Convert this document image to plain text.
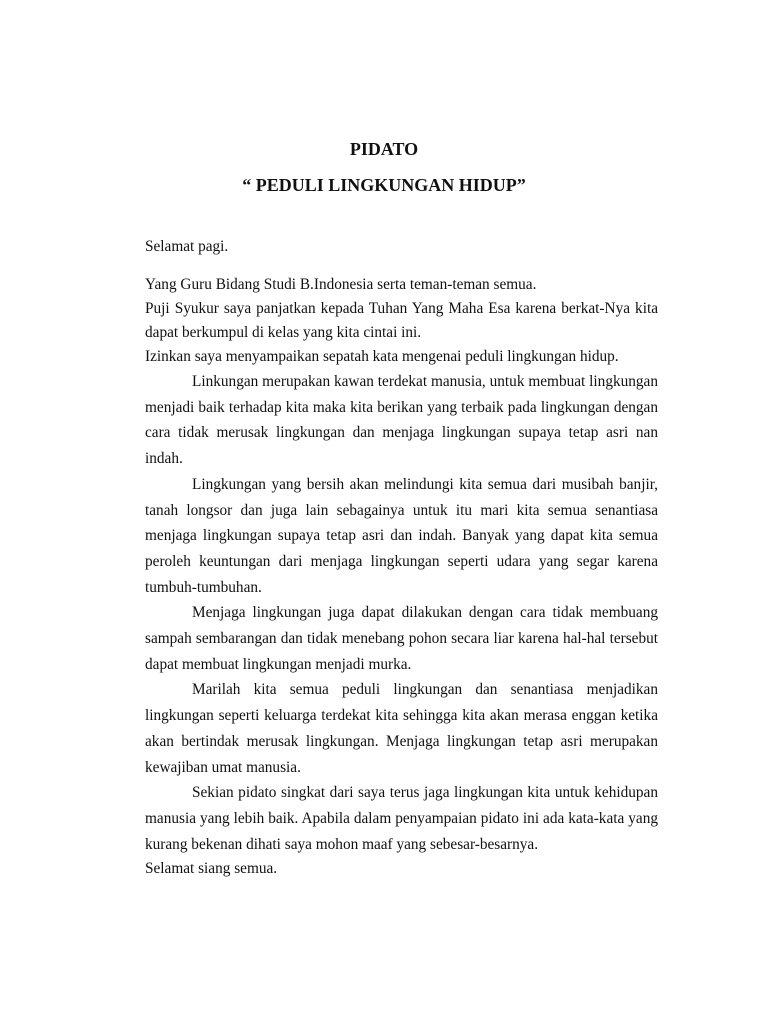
PIDATO
“ PEDULI LINGKUNGAN HIDUP”

Selamat pagi.

Yang Guru Bidang Studi B.Indonesia serta teman-teman semua.

Puji Syukur saya panjatkan kepada Tuhan Yang Maha Esa karena berkat-Nya kita dapat berkumpul di kelas yang kita cintai ini.

Izinkan saya menyampaikan sepatah kata mengenai peduli lingkungan hidup.

Linkungan merupakan kawan terdekat manusia, untuk membuat lingkungan menjadi baik terhadap kita maka kita berikan yang terbaik pada lingkungan dengan cara tidak merusak lingkungan dan menjaga lingkungan supaya tetap asri nan indah.

Lingkungan yang bersih akan melindungi kita semua dari musibah banjir, tanah longsor dan juga lain sebagainya untuk itu mari kita semua senantiasa menjaga lingkungan supaya tetap asri dan indah. Banyak yang dapat kita semua peroleh keuntungan dari menjaga lingkungan seperti udara yang segar karena tumbuh-tumbuhan.

Menjaga lingkungan juga dapat dilakukan dengan cara tidak membuang sampah sembarangan dan tidak menebang pohon secara liar karena hal-hal tersebut dapat membuat lingkungan menjadi murka.

Marilah kita semua peduli lingkungan dan senantiasa menjadikan lingkungan seperti keluarga terdekat kita sehingga kita akan merasa enggan ketika akan bertindak merusak lingkungan. Menjaga lingkungan tetap asri merupakan kewajiban umat manusia.

Sekian pidato singkat dari saya terus jaga lingkungan kita untuk kehidupan manusia yang lebih baik. Apabila dalam penyampaian pidato ini ada kata-kata yang kurang bekenan dihati saya mohon maaf yang sebesar-besarnya.

Selamat siang semua.
